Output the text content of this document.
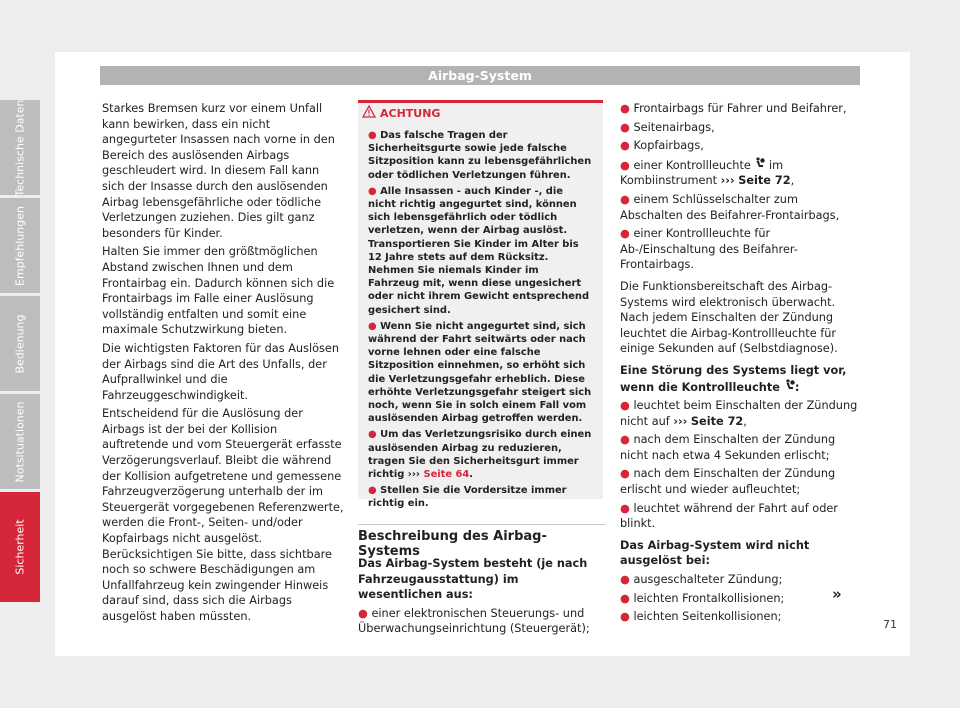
Airbag-System

Starkes Bremsen kurz vor einem Unfall kann bewirken, dass ein nicht angegurteter Insassen nach vorne in den Bereich des auslösenden Airbags geschleudert wird. In diesem Fall kann sich der Insasse durch den auslösenden Airbag lebensgefährliche oder tödliche Verletzungen zuziehen. Dies gilt ganz besonders für Kinder.

Halten Sie immer den größtmöglichen Abstand zwischen Ihnen und dem Frontairbag ein. Dadurch können sich die Frontairbags im Falle einer Auslösung vollständig entfalten und somit eine maximale Schutzwirkung bieten.

Die wichtigsten Faktoren für das Auslösen der Airbags sind die Art des Unfalls, der Aufprallwinkel und die Fahrzeuggeschwindigkeit.

Entscheidend für die Auslösung der Airbags ist der bei der Kollision auftretende und vom Steuergerät erfasste Verzögerungsverlauf. Bleibt die während der Kollision aufgetretene und gemessene Fahrzeugverzögerung unterhalb der im Steuergerät vorgegebenen Referenzwerte, werden die Front-, Seiten- und/oder Kopfairbags nicht ausgelöst. Berücksichtigen Sie bitte, dass sichtbare noch so schwere Beschädigungen am Unfallfahrzeug kein zwingender Hinweis darauf sind, dass sich die Airbags ausgelöst haben müssten.

ACHTUNG
● Das falsche Tragen der Sicherheitsgurte sowie jede falsche Sitzposition kann zu lebensgefährlichen oder tödlichen Verletzungen führen.
● Alle Insassen - auch Kinder -, die nicht richtig angegurtet sind, können sich lebensgefährlich oder tödlich verletzen, wenn der Airbag auslöst. Transportieren Sie Kinder im Alter bis 12 Jahre stets auf dem Rücksitz. Nehmen Sie niemals Kinder im Fahrzeug mit, wenn diese ungesichert oder nicht ihrem Gewicht entsprechend gesichert sind.
● Wenn Sie nicht angegurtet sind, sich während der Fahrt seitwärts oder nach vorne lehnen oder eine falsche Sitzposition einnehmen, so erhöht sich die Verletzungsgefahr erheblich. Diese erhöhte Verletzungsgefahr steigert sich noch, wenn Sie in solch einem Fall vom auslösenden Airbag getroffen werden.
● Um das Verletzungsrisiko durch einen auslösenden Airbag zu reduzieren, tragen Sie den Sicherheitsgurt immer richtig ››› Seite 64.
● Stellen Sie die Vordersitze immer richtig ein.
Beschreibung des Airbag-Systems

Das Airbag-System besteht (je nach Fahrzeugausstattung) im wesentlichen aus:

● einer elektronischen Steuerungs- und Überwachungseinrichtung (Steuergerät);

● Frontairbags für Fahrer und Beifahrer,

● Seitenairbags,

● Kopfairbags,

● einer Kontrollleuchte im Kombiinstrument ››› Seite 72,

● einem Schlüsselschalter zum Abschalten des Beifahrer-Frontairbags,

● einer Kontrollleuchte für Ab-/Einschaltung des Beifahrer-Frontairbags.

Die Funktionsbereitschaft des Airbag-Systems wird elektronisch überwacht. Nach jedem Einschalten der Zündung leuchtet die Airbag-Kontrollleuchte für einige Sekunden auf (Selbstdiagnose).

Eine Störung des Systems liegt vor, wenn die Kontrollleuchte :

● leuchtet beim Einschalten der Zündung nicht auf ››› Seite 72,

● nach dem Einschalten der Zündung nicht nach etwa 4 Sekunden erlischt;

● nach dem Einschalten der Zündung erlischt und wieder aufleuchtet;

● leuchtet während der Fahrt auf oder blinkt.

Das Airbag-System wird nicht ausgelöst bei:

● ausgeschalteter Zündung;

● leichten Frontalkollisionen;

● leichten Seitenkollisionen;

»
Technische Daten
Empfehlungen
Bedienung
Notsituationen
Sicherheit
71
